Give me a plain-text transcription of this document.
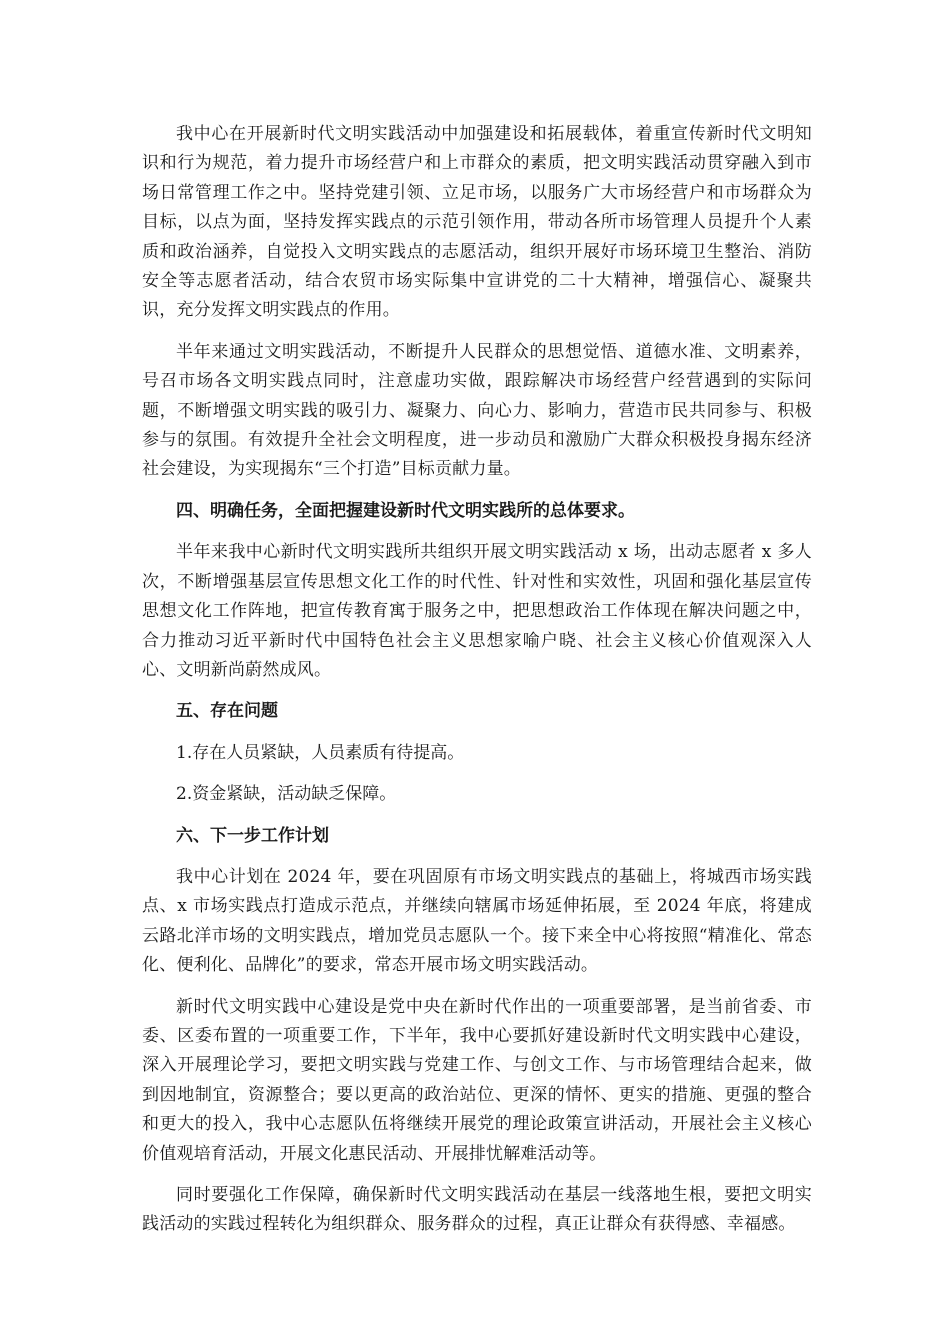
我中心在开展新时代文明实践活动中加强建设和拓展载体，着重宣传新时代文明知识和行为规范，着力提升市场经营户和上市群众的素质，把文明实践活动贯穿融入到市场日常管理工作之中。坚持党建引领、立足市场，以服务广大市场经营户和市场群众为目标，以点为面，坚持发挥实践点的示范引领作用，带动各所市场管理人员提升个人素质和政治涵养，自觉投入文明实践点的志愿活动，组织开展好市场环境卫生整治、消防安全等志愿者活动，结合农贸市场实际集中宣讲党的二十大精神，增强信心、凝聚共识，充分发挥文明实践点的作用。

半年来通过文明实践活动，不断提升人民群众的思想觉悟、道德水准、文明素养，号召市场各文明实践点同时，注意虚功实做，跟踪解决市场经营户经营遇到的实际问题，不断增强文明实践的吸引力、凝聚力、向心力、影响力，营造市民共同参与、积极参与的氛围。有效提升全社会文明程度，进一步动员和激励广大群众积极投身揭东经济社会建设，为实现揭东“三个打造”目标贡献力量。

四、明确任务，全面把握建设新时代文明实践所的总体要求。

半年来我中心新时代文明实践所共组织开展文明实践活动 x 场，出动志愿者 x 多人次，不断增强基层宣传思想文化工作的时代性、针对性和实效性，巩固和强化基层宣传思想文化工作阵地，把宣传教育寓于服务之中，把思想政治工作体现在解决问题之中，合力推动习近平新时代中国特色社会主义思想家喻户晓、社会主义核心价值观深入人心、文明新尚蔚然成风。

五、存在问题

1.存在人员紧缺，人员素质有待提高。

2.资金紧缺，活动缺乏保障。

六、下一步工作计划

我中心计划在 2024 年，要在巩固原有市场文明实践点的基础上，将城西市场实践点、x 市场实践点打造成示范点，并继续向辖属市场延伸拓展，至 2024 年底，将建成云路北洋市场的文明实践点，增加党员志愿队一个。接下来全中心将按照“精准化、常态化、便利化、品牌化”的要求，常态开展市场文明实践活动。

新时代文明实践中心建设是党中央在新时代作出的一项重要部署，是当前省委、市委、区委布置的一项重要工作，下半年，我中心要抓好建设新时代文明实践中心建设，深入开展理论学习，要把文明实践与党建工作、与创文工作、与市场管理结合起来，做到因地制宜，资源整合；要以更高的政治站位、更深的情怀、更实的措施、更强的整合和更大的投入，我中心志愿队伍将继续开展党的理论政策宣讲活动，开展社会主义核心价值观培育活动，开展文化惠民活动、开展排忧解难活动等。

同时要强化工作保障，确保新时代文明实践活动在基层一线落地生根，要把文明实践活动的实践过程转化为组织群众、服务群众的过程，真正让群众有获得感、幸福感。
